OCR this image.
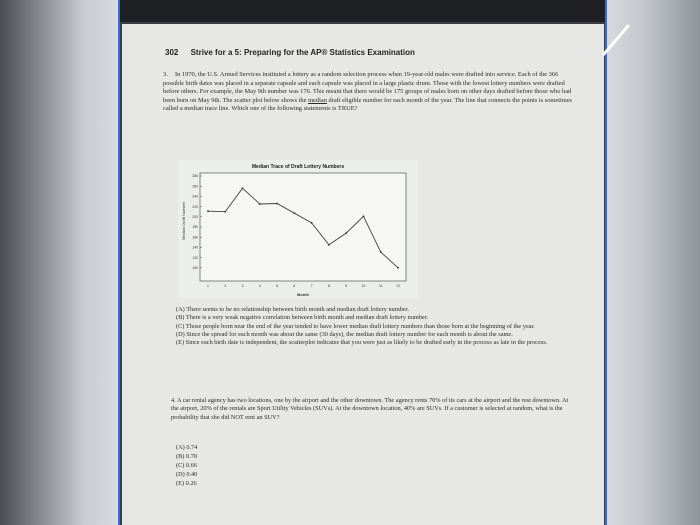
302 Strive for a 5: Preparing for the AP® Statistics Examination
3. In 1970, the U.S. Armed Services instituted a lottery as a random selection process when 19-year-old males were drafted into service. Each of the 366 possible birth dates was placed in a separate capsule and each capsule was placed in a large plastic drum. Those with the lowest lottery numbers were drafted before others. For example, the May 9th number was 176. This meant that there would be 175 groups of males born on other days drafted before those who had been born on May 9th. The scatter plot below shows the median draft eligible number for each month of the year. The line that connects the points is sometimes called a median trace line. Which one of the following statements is TRUE?
Median Trace of Draft Lottery Numbers
Median Draft Number
Month
100
120
140
160
180
200
220
240
260
280
1	2	3	4	5	6	7	8	9	10	11	12
(A) There seems to be no relationship between birth month and median draft lottery number.
(B) There is a very weak negative correlation between birth month and median draft lottery number.
(C) Those people born near the end of the year tended to have lower median draft lottery numbers than those born at the beginning of the year.
(D) Since the spread for each month was about the same (30 days), the median draft lottery number for each month is about the same.
(E) Since each birth date is independent, the scatterplot indicates that you were just as likely to be drafted early in the process as late in the process.
4. A car rental agency has two locations, one by the airport and the other downtown. The agency rents 70% of its cars at the airport and the rest downtown. At the airport, 20% of the rentals are Sport Utility Vehicles (SUVs). At the downtown location, 40% are SUVs. If a customer is selected at random, what is the probability that she did NOT rent an SUV?
(A) 0.74
(B) 0.70
(C) 0.66
(D) 0.40
(E) 0.26
